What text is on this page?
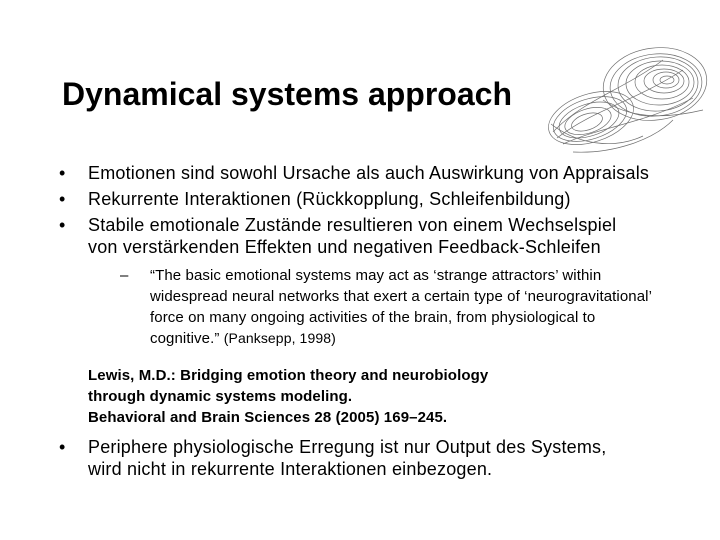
Dynamical systems approach

• Emotionen sind sowohl Ursache als auch Auswirkung von Appraisals

• Rekurrente Interaktionen (Rückkopplung, Schleifenbildung)

• Stabile emotionale Zustände resultieren von einem Wechselspiel
von verstärkenden Effekten und negativen Feedback-Schleifen

– “The basic emotional systems may act as ‘strange attractors’ within
widespread neural networks that exert a certain type of ‘neurogravitational’
force on many ongoing activities of the brain, from physiological to
cognitive.” (Panksepp, 1998)
Lewis, M.D.: Bridging emotion theory and neurobiology
through dynamic systems modeling.
Behavioral and Brain Sciences 28 (2005) 169–245.

• Periphere physiologische Erregung ist nur Output des Systems,
wird nicht in rekurrente Interaktionen einbezogen.
